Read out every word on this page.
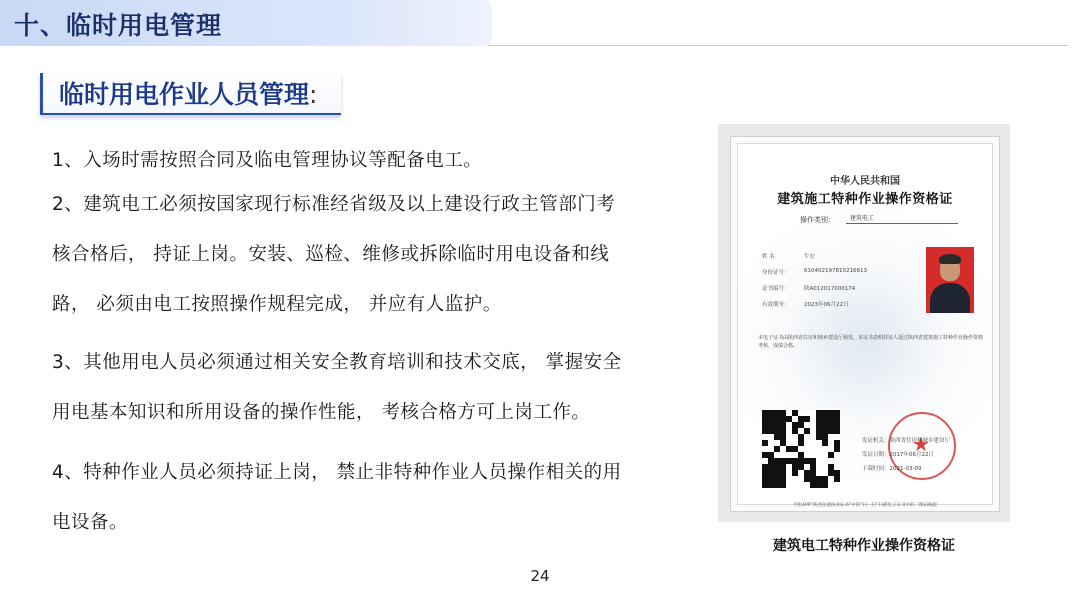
十、临时用电管理
临时用电作业人员管理:
1、入场时需按照合同及临电管理协议等配备电工。
2、建筑电工必须按国家现行标准经省级及以上建设行政主管部门考
核合格后， 持证上岗。安装、巡检、维修或拆除临时用电设备和线
路， 必须由电工按照操作规程完成， 并应有人监护。
3、其他用电人员必须通过相关安全教育培训和技术交底， 掌握安全
用电基本知识和所用设备的操作性能， 考核合格方可上岗工作。
4、特种作业人员必须持证上岗， 禁止非特种作业人员操作相关的用
电设备。
中华人民共和国
建筑施工特种作业操作资格证
操作类别：	建筑电工
姓 名：	牛宏
身份证号：	610402197810216613
证书编号：	陕A012017000174
有效期至：	2023年06月22日
本电子证书由陕西省住房和城乡建设厅颁发，本证书表明持证人通过陕西省建筑施工特种作业操作资格考核，成绩合格。
★
发证机关：陕西省住房和城乡建设厅
发证日期：2017年06月22日
下载时间：2021-03-09
手机APP“陕西住建执业证书”中的“扫一扫”扫描电子证书中的二维码核验
建筑电工特种作业操作资格证
24
